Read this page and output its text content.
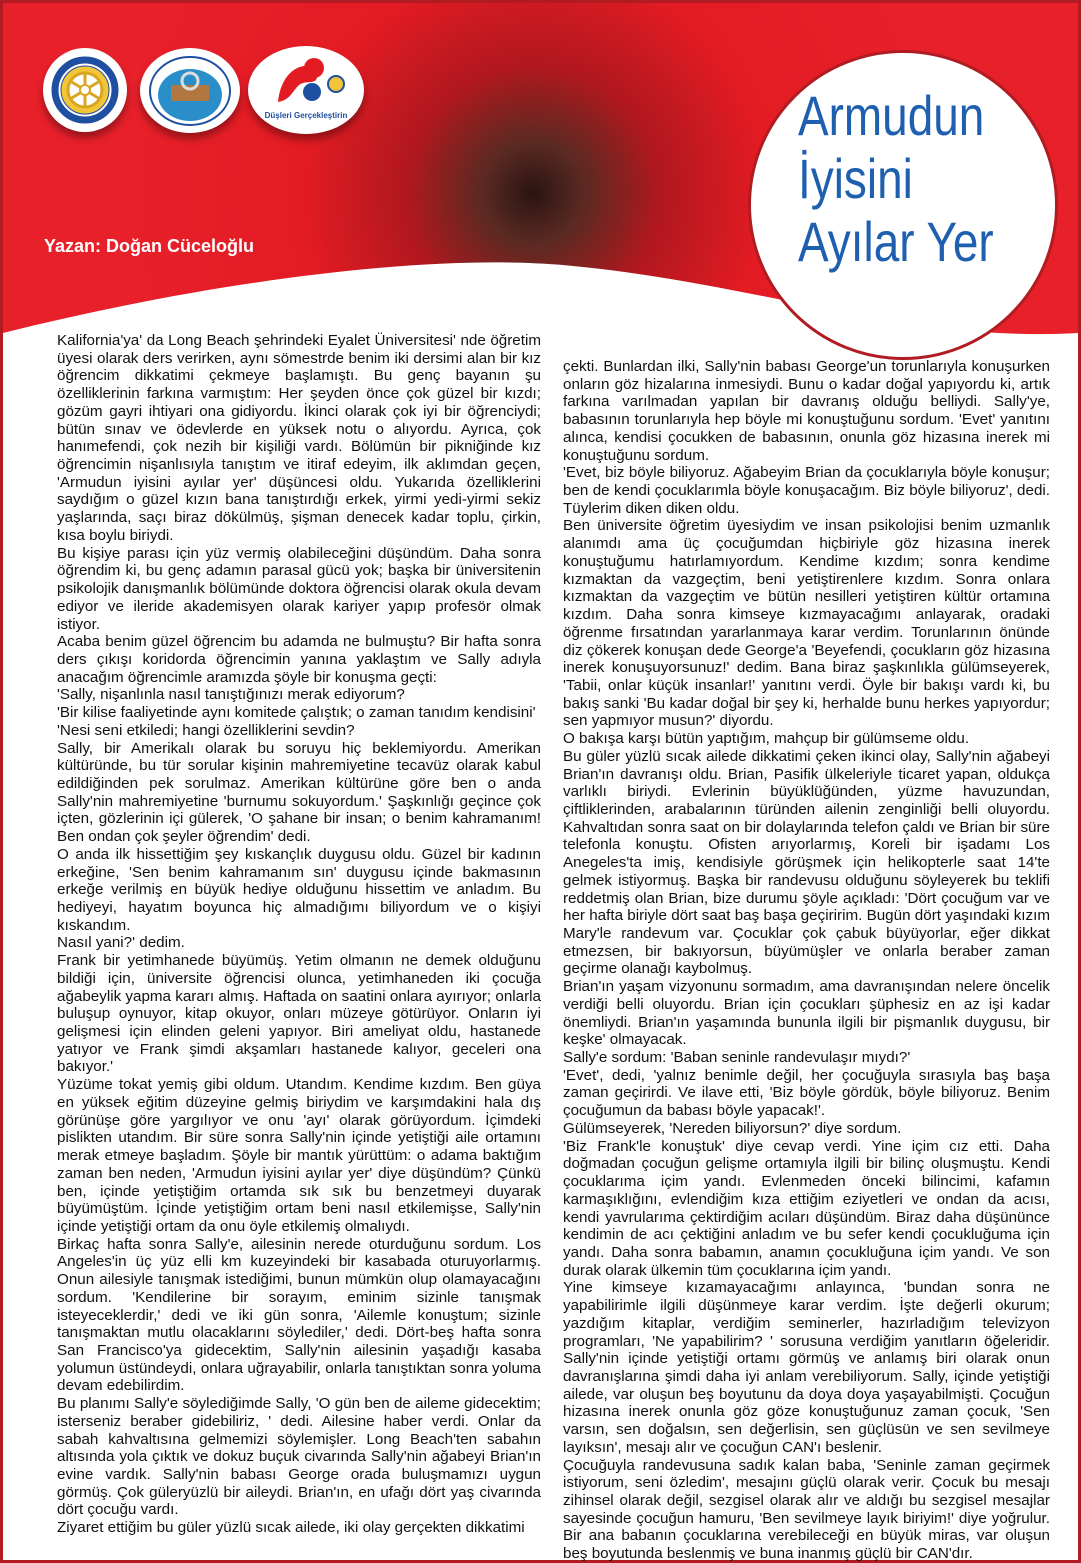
Düşleri Gerçekleştirin
Yazan: Doğan Cüceloğlu
Armudun
İyisini
Ayılar Yer

Kalifornia'ya' da Long Beach şehrindeki Eyalet Üniversitesi' nde öğretim üyesi olarak ders verirken, aynı sömestrde benim iki dersimi alan bir kız öğrencim dikkatimi çekmeye başlamıştı. Bu genç bayanın şu özelliklerinin farkına varmıştım: Her şeyden önce çok güzel bir kızdı; gözüm gayri ihtiyari ona gidiyordu. İkinci olarak çok iyi bir öğrenciydi; bütün sınav ve ödevlerde en yüksek notu o alıyordu. Ayrıca, çok hanımefendi, çok nezih bir kişiliği vardı. Bölümün bir pikniğinde kız öğrencimin nişanlısıyla tanıştım ve itiraf edeyim, ilk aklımdan geçen, 'Armudun iyisini ayılar yer' düşüncesi oldu. Yukarıda özelliklerini saydığım o güzel kızın bana tanıştırdığı erkek, yirmi yedi-yirmi sekiz yaşlarında, saçı biraz dökülmüş, şişman denecek kadar toplu, çirkin, kısa boylu biriydi.

Bu kişiye parası için yüz vermiş olabileceğini düşündüm. Daha sonra öğrendim ki, bu genç adamın parasal gücü yok; başka bir üniversitenin psikolojik danışmanlık bölümünde doktora öğrencisi olarak okula devam ediyor ve ileride akademisyen olarak kariyer yapıp profesör olmak istiyor.

Acaba benim güzel öğrencim bu adamda ne bulmuştu? Bir hafta sonra ders çıkışı koridorda öğrencimin yanına yaklaştım ve Sally adıyla anacağım öğrencimle aramızda şöyle bir konuşma geçti:

'Sally, nişanlınla nasıl tanıştığınızı merak ediyorum?

'Bir kilise faaliyetinde aynı komitede çalıştık; o zaman tanıdım kendisini'

'Nesi seni etkiledi; hangi özelliklerini sevdin?

Sally, bir Amerikalı olarak bu soruyu hiç beklemiyordu. Amerikan kültüründe, bu tür sorular kişinin mahremiyetine tecavüz olarak kabul edildiğinden pek sorulmaz. Amerikan kültürüne göre ben o anda Sally'nin mahremiyetine 'burnumu sokuyordum.' Şaşkınlığı geçince çok içten, gözlerinin içi gülerek, 'O şahane bir insan; o benim kahramanım! Ben ondan çok şeyler öğrendim' dedi.

O anda ilk hissettiğim şey kıskançlık duygusu oldu. Güzel bir kadının erkeğine, 'Sen benim kahramanım sın' duygusu içinde bakmasının erkeğe verilmiş en büyük hediye olduğunu hissettim ve anladım. Bu hediyeyi, hayatım boyunca hiç almadığımı biliyordum ve o kişiyi kıskandım.

Nasıl yani?' dedim.

Frank bir yetimhanede büyümüş. Yetim olmanın ne demek olduğunu bildiği için, üniversite öğrencisi olunca, yetimhaneden iki çocuğa ağabeylik yapma kararı almış. Haftada on saatini onlara ayırıyor; onlarla buluşup oynuyor, kitap okuyor, onları müzeye götürüyor. Onların iyi gelişmesi için elinden geleni yapıyor. Biri ameliyat oldu, hastanede yatıyor ve Frank şimdi akşamları hastanede kalıyor, geceleri ona bakıyor.'

Yüzüme tokat yemiş gibi oldum. Utandım. Kendime kızdım. Ben güya en yüksek eğitim düzeyine gelmiş biriydim ve karşımdakini hala dış görünüşe göre yargılıyor ve onu 'ayı' olarak görüyordum. İçimdeki pislikten utandım. Bir süre sonra Sally'nin içinde yetiştiği aile ortamını merak etmeye başladım. Şöyle bir mantık yürüttüm: o adama baktığım zaman ben neden, 'Armudun iyisini ayılar yer' diye düşündüm? Çünkü ben, içinde yetiştiğim ortamda sık sık bu benzetmeyi duyarak büyümüştüm. İçinde yetiştiğim ortam beni nasıl etkilemişse, Sally'nin içinde yetiştiği ortam da onu öyle etkilemiş olmalıydı.

Birkaç hafta sonra Sally'e, ailesinin nerede oturduğunu sordum. Los Angeles'in üç yüz elli km kuzeyindeki bir kasabada oturuyorlarmış. Onun ailesiyle tanışmak istediğimi, bunun mümkün olup olamayacağını sordum. 'Kendilerine bir sorayım, eminim sizinle tanışmak isteyeceklerdir,' dedi ve iki gün sonra, 'Ailemle konuştum; sizinle tanışmaktan mutlu olacaklarını söylediler,' dedi. Dört-beş hafta sonra San Francisco'ya gidecektim, Sally'nin ailesinin yaşadığı kasaba yolumun üstündeydi, onlara uğrayabilir, onlarla tanıştıktan sonra yoluma devam edebilirdim.

Bu planımı Sally'e söylediğimde Sally, 'O gün ben de aileme gidecektim; isterseniz beraber gidebiliriz, ' dedi. Ailesine haber verdi. Onlar da sabah kahvaltısına gelmemizi söylemişler. Long Beach'ten sabahın altısında yola çıktık ve dokuz buçuk civarında Sally'nin ağabeyi Brian'ın evine vardık. Sally'nin babası George orada buluşmamızı uygun görmüş. Çok güleryüzlü bir aileydi. Brian'ın, en ufağı dört yaş civarında dört çocuğu vardı.

Ziyaret ettiğim bu güler yüzlü sıcak ailede, iki olay gerçekten dikkatimi

çekti. Bunlardan ilki, Sally'nin babası George'un torunlarıyla konuşurken onların göz hizalarına inmesiydi. Bunu o kadar doğal yapıyordu ki, artık farkına varılmadan yapılan bir davranış olduğu belliydi. Sally'ye, babasının torunlarıyla hep böyle mi konuştuğunu sordum. 'Evet' yanıtını alınca, kendisi çocukken de babasının, onunla göz hizasına inerek mi konuştuğunu sordum.

'Evet, biz böyle biliyoruz. Ağabeyim Brian da çocuklarıyla böyle konuşur; ben de kendi çocuklarımla böyle konuşacağım. Biz böyle biliyoruz', dedi. Tüylerim diken diken oldu.

Ben üniversite öğretim üyesiydim ve insan psikolojisi benim uzmanlık alanımdı ama üç çocuğumdan hiçbiriyle göz hizasına inerek konuştuğumu hatırlamıyordum. Kendime kızdım; sonra kendime kızmaktan da vazgeçtim, beni yetiştirenlere kızdım. Sonra onlara kızmaktan da vazgeçtim ve bütün nesilleri yetiştiren kültür ortamına kızdım. Daha sonra kimseye kızmayacağımı anlayarak, oradaki öğrenme fırsatından yararlanmaya karar verdim. Torunlarının önünde diz çökerek konuşan dede George'a 'Beyefendi, çocukların göz hizasına inerek konuşuyorsunuz!' dedim. Bana biraz şaşkınlıkla gülümseyerek, 'Tabii, onlar küçük insanlar!' yanıtını verdi. Öyle bir bakışı vardı ki, bu bakış sanki 'Bu kadar doğal bir şey ki, herhalde bunu herkes yapıyordur; sen yapmıyor musun?' diyordu.

O bakışa karşı bütün yaptığım, mahçup bir gülümseme oldu.

Bu güler yüzlü sıcak ailede dikkatimi çeken ikinci olay, Sally'nin ağabeyi Brian'ın davranışı oldu. Brian, Pasifik ülkeleriyle ticaret yapan, oldukça varlıklı biriydi. Evlerinin büyüklüğünden, yüzme havuzundan, çiftliklerinden, arabalarının türünden ailenin zenginliği belli oluyordu. Kahvaltıdan sonra saat on bir dolaylarında telefon çaldı ve Brian bir süre telefonla konuştu. Ofisten arıyorlarmış, Koreli bir işadamı Los Anegeles'ta imiş, kendisiyle görüşmek için helikopterle saat 14'te gelmek istiyormuş. Başka bir randevusu olduğunu söyleyerek bu teklifi reddetmiş olan Brian, bize durumu şöyle açıkladı: 'Dört çocuğum var ve her hafta biriyle dört saat baş başa geçiririm. Bugün dört yaşındaki kızım Mary'le randevum var. Çocuklar çok çabuk büyüyorlar, eğer dikkat etmezsen, bir bakıyorsun, büyümüşler ve onlarla beraber zaman geçirme olanağı kaybolmuş.

Brian'ın yaşam vizyonunu sormadım, ama davranışından nelere öncelik verdiği belli oluyordu. Brian için çocukları şüphesiz en az işi kadar önemliydi. Brian'ın yaşamında bununla ilgili bir pişmanlık duygusu, bir keşke' olmayacak.

Sally'e sordum: 'Baban seninle randevulaşır mıydı?'

'Evet', dedi, 'yalnız benimle değil, her çocuğuyla sırasıyla baş başa zaman geçirirdi. Ve ilave etti, 'Biz böyle gördük, böyle biliyoruz. Benim çocuğumun da babası böyle yapacak!'.

Gülümseyerek, 'Nereden biliyorsun?' diye sordum.

'Biz Frank'le konuştuk' diye cevap verdi. Yine içim cız etti. Daha doğmadan çocuğun gelişme ortamıyla ilgili bir bilinç oluşmuştu. Kendi çocuklarıma içim yandı. Evlenmeden önceki bilincimi, kafamın karmaşıklığını, evlendiğim kıza ettiğim eziyetleri ve ondan da acısı, kendi yavrularıma çektirdiğim acıları düşündüm. Biraz daha düşününce kendimin de acı çektiğini anladım ve bu sefer kendi çocukluğuma için yandı. Daha sonra babamın, anamın çocukluğuna içim yandı. Ve son durak olarak ülkemin tüm çocuklarına içim yandı.

Yine kimseye kızamayacağımı anlayınca, 'bundan sonra ne yapabilirimle ilgili düşünmeye karar verdim. İşte değerli okurum; yazdığım kitaplar, verdiğim seminerler, hazırladığım televizyon programları, 'Ne yapabilirim? ' sorusuna verdiğim yanıtların öğeleridir. Sally'nin içinde yetiştiği ortamı görmüş ve anlamış biri olarak onun davranışlarına şimdi daha iyi anlam verebiliyorum. Sally, içinde yetiştiği ailede, var oluşun beş boyutunu da doya doya yaşayabilmişti. Çocuğun hizasına inerek onunla göz göze konuştuğunuz zaman çocuk, 'Sen varsın, sen doğalsın, sen değerlisin, sen güçlüsün ve sen sevilmeye layıksın', mesajı alır ve çocuğun CAN'ı beslenir.

Çocuğuyla randevusuna sadık kalan baba, 'Seninle zaman geçirmek istiyorum, seni özledim', mesajını güçlü olarak verir. Çocuk bu mesajı zihinsel olarak değil, sezgisel olarak alır ve aldığı bu sezgisel mesajlar sayesinde çocuğun hamuru, 'Ben sevilmeye layık biriyim!' diye yoğrulur. Bir ana babanın çocuklarına verebileceği en büyük miras, var oluşun beş boyutunda beslenmiş ve buna inanmış güçlü bir CAN'dır.
